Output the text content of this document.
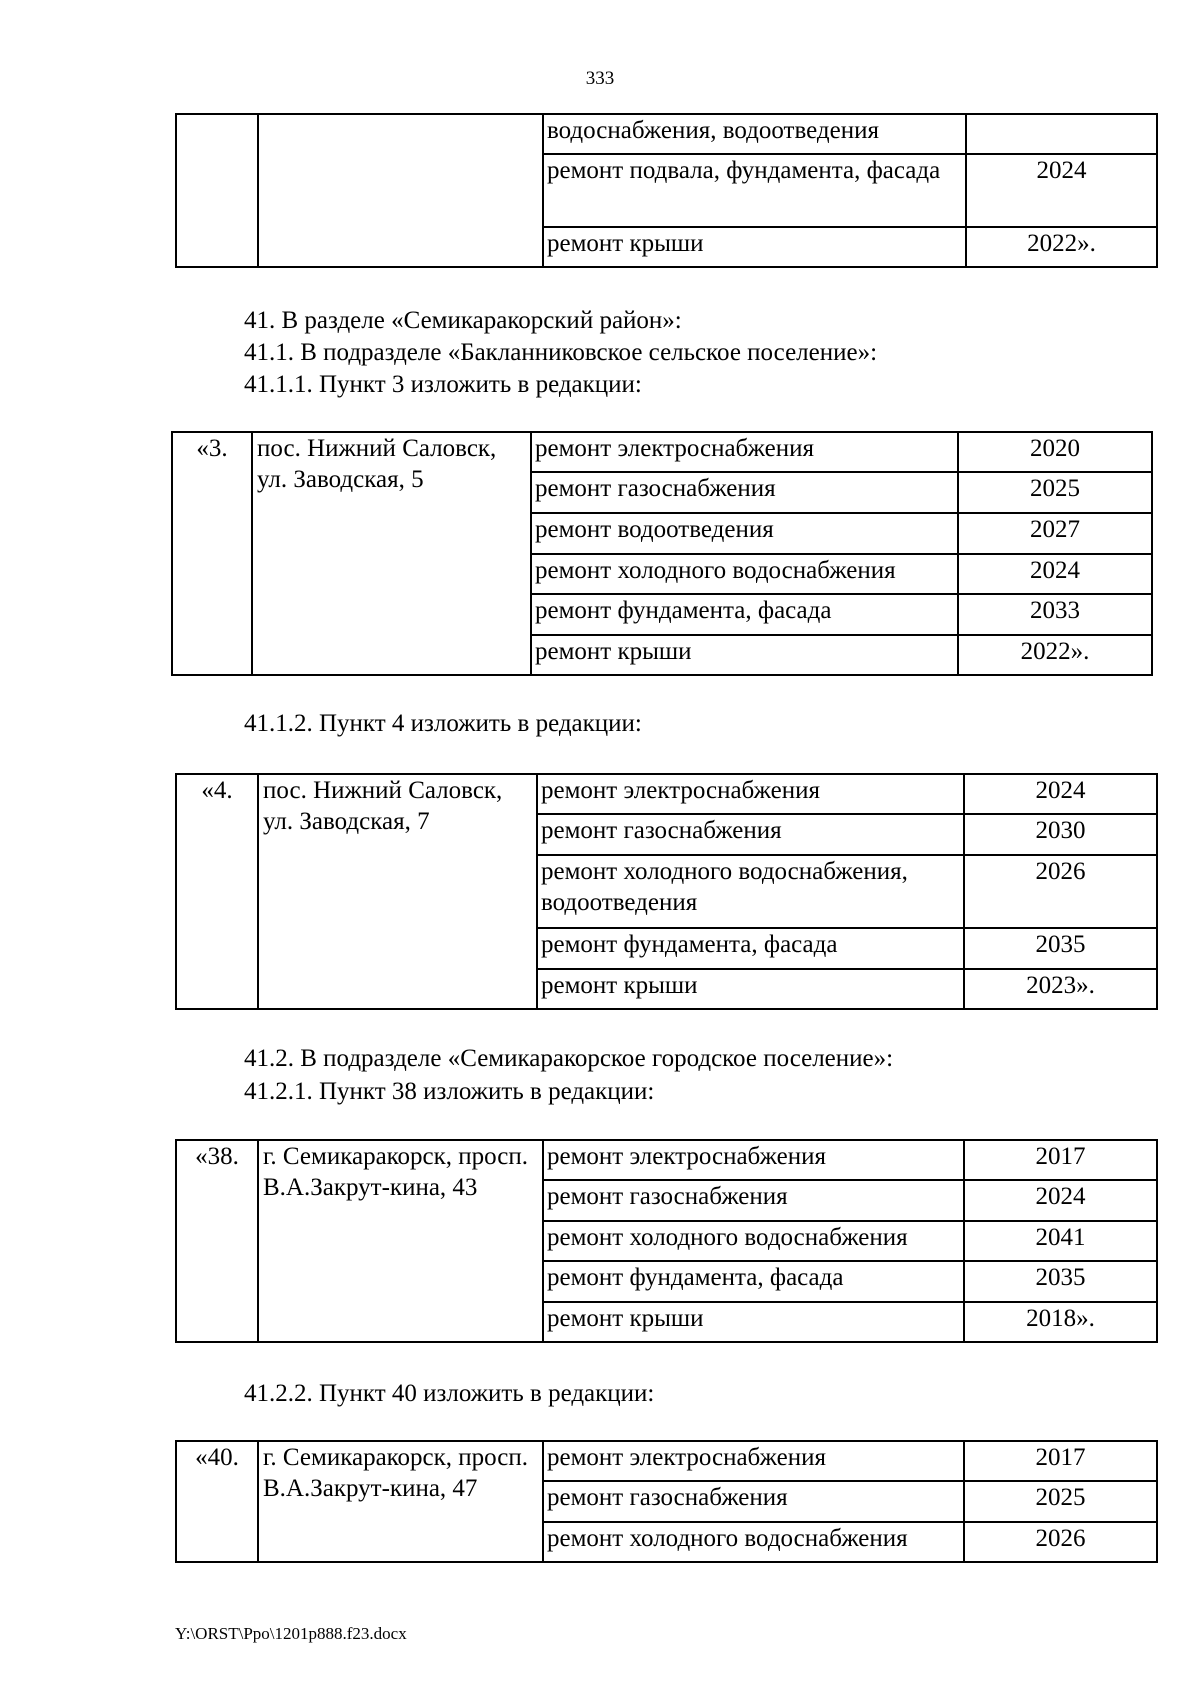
333
		водоснабжения, водоотведения	
		ремонт подвала, фундамента, фасада	2024
		ремонт крыши	2022».
41. В разделе «Семикаракорский район»:
41.1. В подразделе «Бакланниковское сельское поселение»:
41.1.1. Пункт 3 изложить в редакции:
«3.	пос. Нижний Саловск, ул. Заводская, 5	ремонт электроснабжения	2020
		ремонт газоснабжения	2025
		ремонт водоотведения	2027
		ремонт холодного водоснабжения	2024
		ремонт фундамента, фасада	2033
		ремонт крыши	2022».
41.1.2. Пункт 4 изложить в редакции:
«4.	пос. Нижний Саловск, ул. Заводская, 7	ремонт электроснабжения	2024
		ремонт газоснабжения	2030
		ремонт холодного водоснабжения, водоотведения	2026
		ремонт фундамента, фасада	2035
		ремонт крыши	2023».
41.2. В подразделе «Семикаракорское городское поселение»:
41.2.1. Пункт 38 изложить в редакции:
«38.	г. Семикаракорск, просп. В.А.Закрут-кина, 43	ремонт электроснабжения	2017
		ремонт газоснабжения	2024
		ремонт холодного водоснабжения	2041
		ремонт фундамента, фасада	2035
		ремонт крыши	2018».
41.2.2. Пункт 40 изложить в редакции:
«40.	г. Семикаракорск, просп. В.А.Закрут-кина, 47	ремонт электроснабжения	2017
		ремонт газоснабжения	2025
		ремонт холодного водоснабжения	2026
Y:\ORST\Ppo\1201p888.f23.docx
